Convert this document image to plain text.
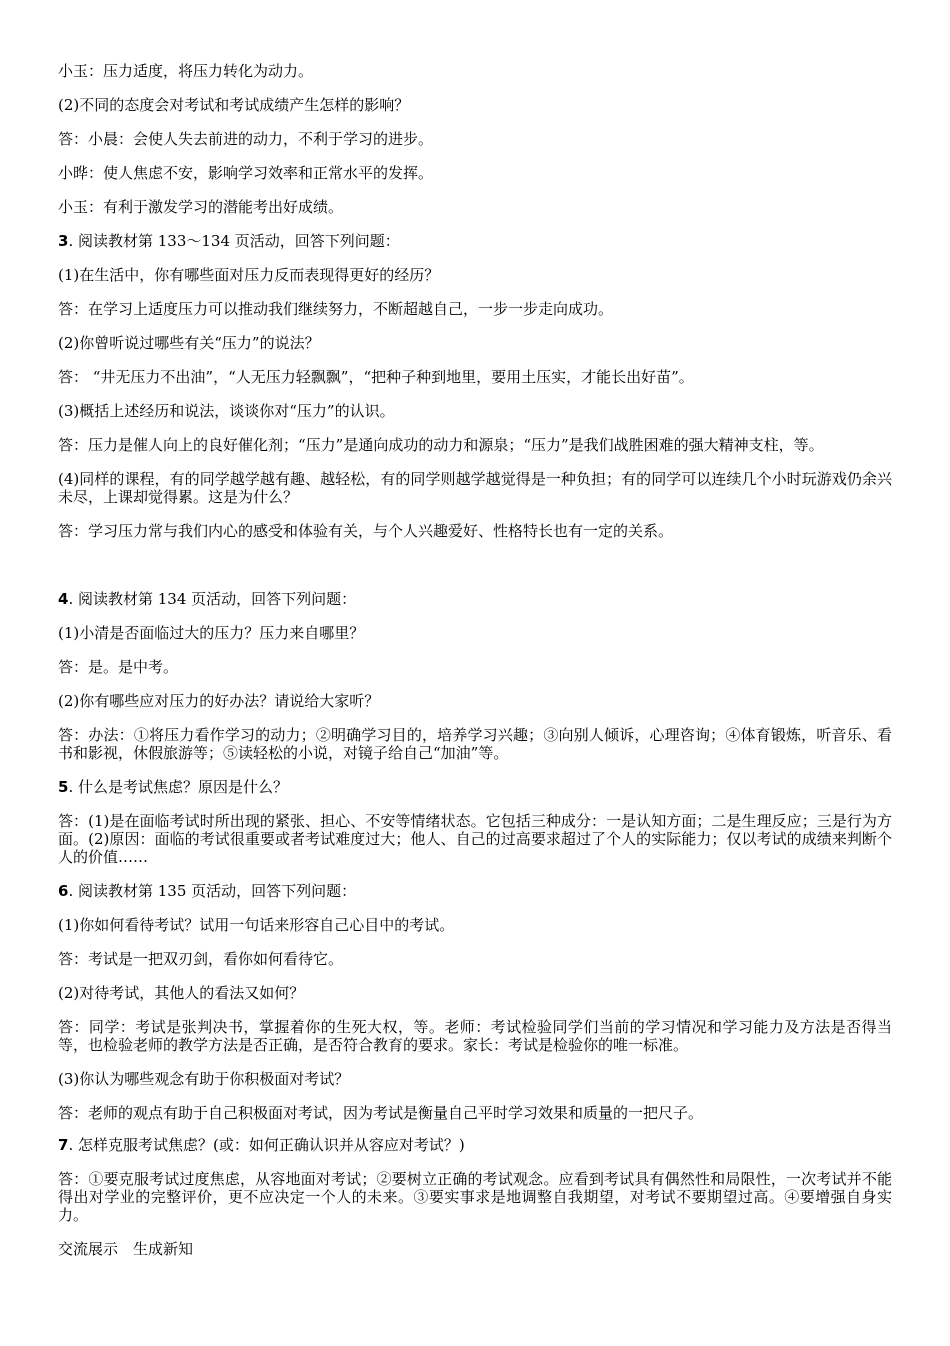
小玉：压力适度，将压力转化为动力。

(2)不同的态度会对考试和考试成绩产生怎样的影响？

答：小晨：会使人失去前进的动力，不利于学习的进步。

小晔：使人焦虑不安，影响学习效率和正常水平的发挥。

小玉：有利于激发学习的潜能考出好成绩。

3. 阅读教材第 133～134 页活动，回答下列问题：

(1)在生活中，你有哪些面对压力反而表现得更好的经历？

答：在学习上适度压力可以推动我们继续努力，不断超越自己，一步一步走向成功。

(2)你曾听说过哪些有关“压力”的说法？

答： “井无压力不出油”，“人无压力轻飘飘”，“把种子种到地里，要用土压实，才能长出好苗”。

(3)概括上述经历和说法，谈谈你对“压力”的认识。

答：压力是催人向上的良好催化剂；“压力”是通向成功的动力和源泉；“压力”是我们战胜困难的强大精神支柱，等。

(4)同样的课程，有的同学越学越有趣、越轻松，有的同学则越学越觉得是一种负担；有的同学可以连续几个小时玩游戏仍余兴未尽，上课却觉得累。这是为什么？

答：学习压力常与我们内心的感受和体验有关，与个人兴趣爱好、性格特长也有一定的关系。

4. 阅读教材第 134 页活动，回答下列问题：

(1)小清是否面临过大的压力？压力来自哪里？

答：是。是中考。

(2)你有哪些应对压力的好办法？请说给大家听？

答：办法：①将压力看作学习的动力；②明确学习目的，培养学习兴趣；③向别人倾诉，心理咨询；④体育锻炼，听音乐、看书和影视，休假旅游等；⑤读轻松的小说，对镜子给自己“加油”等。

5. 什么是考试焦虑？原因是什么？

答：(1)是在面临考试时所出现的紧张、担心、不安等情绪状态。它包括三种成分：一是认知方面；二是生理反应；三是行为方面。(2)原因：面临的考试很重要或者考试难度过大；他人、自己的过高要求超过了个人的实际能力；仅以考试的成绩来判断个人的价值……

6. 阅读教材第 135 页活动，回答下列问题：

(1)你如何看待考试？试用一句话来形容自己心目中的考试。

答：考试是一把双刃剑，看你如何看待它。

(2)对待考试，其他人的看法又如何？

答：同学：考试是张判决书，掌握着你的生死大权，等。老师：考试检验同学们当前的学习情况和学习能力及方法是否得当等，也检验老师的教学方法是否正确，是否符合教育的要求。家长：考试是检验你的唯一标准。

(3)你认为哪些观念有助于你积极面对考试？

答：老师的观点有助于自己积极面对考试，因为考试是衡量自己平时学习效果和质量的一把尺子。

7. 怎样克服考试焦虑？(或：如何正确认识并从容应对考试？)

答：①要克服考试过度焦虑，从容地面对考试；②要树立正确的考试观念。应看到考试具有偶然性和局限性，一次考试并不能得出对学业的完整评价，更不应决定一个人的未来。③要实事求是地调整自我期望，对考试不要期望过高。④要增强自身实力。

交流展示　生成新知
